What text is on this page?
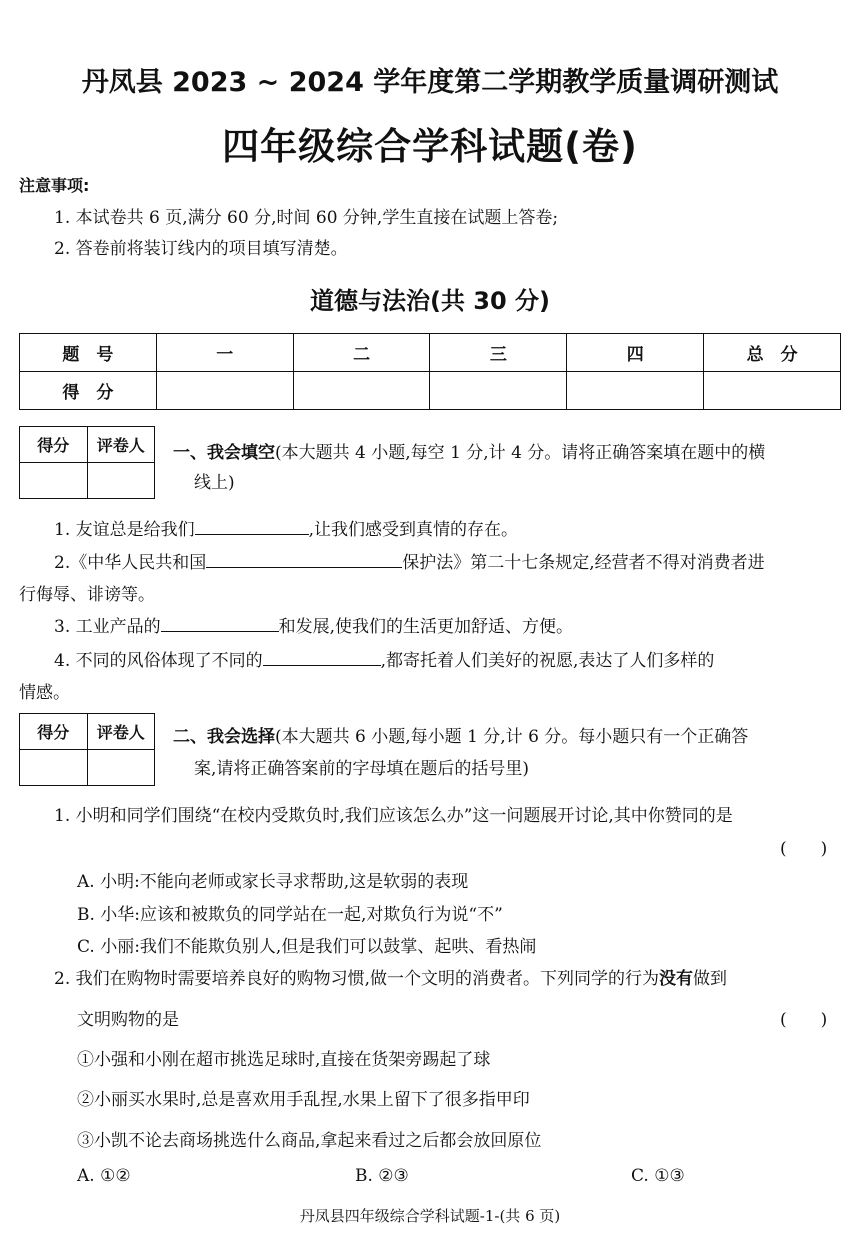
丹凤县 2023 ~ 2024 学年度第二学期教学质量调研测试
四年级综合学科试题(卷)
注意事项:
1. 本试卷共 6 页,满分 60 分,时间 60 分钟,学生直接在试题上答卷;
2. 答卷前将装订线内的项目填写清楚。
道德与法治(共 30 分)
题　号	一	二	三	四	总　分
得　分					
得分	评卷人
	一、我会填空(本大题共 4 小题,每空 1 分,计 4 分。请将正确答案填在题中的横
线上)
1. 友谊总是给我们	,让我们感受到真情的存在。
2.《中华人民共和国	保护法》第二十七条规定,经营者不得对消费者进
行侮辱、诽谤等。
3. 工业产品的	和发展,使我们的生活更加舒适、方便。
4. 不同的风俗体现了不同的	,都寄托着人们美好的祝愿,表达了人们多样的
情感。
得分	评卷人
	二、我会选择(本大题共 6 小题,每小题 1 分,计 6 分。每小题只有一个正确答
案,请将正确答案前的字母填在题后的括号里)
1. 小明和同学们围绕“在校内受欺负时,我们应该怎么办”这一问题展开讨论,其中你赞同的是
(　　)
A. 小明:不能向老师或家长寻求帮助,这是软弱的表现
B. 小华:应该和被欺负的同学站在一起,对欺负行为说“不”
C. 小丽:我们不能欺负别人,但是我们可以鼓掌、起哄、看热闹
2. 我们在购物时需要培养良好的购物习惯,做一个文明的消费者。下列同学的行为没有做到
文明购物的是	(　　)
①小强和小刚在超市挑选足球时,直接在货架旁踢起了球
②小丽买水果时,总是喜欢用手乱捏,水果上留下了很多指甲印
③小凯不论去商场挑选什么商品,拿起来看过之后都会放回原位
A. ①②	B. ②③	C. ①③
丹凤县四年级综合学科试题-1-(共 6 页)
